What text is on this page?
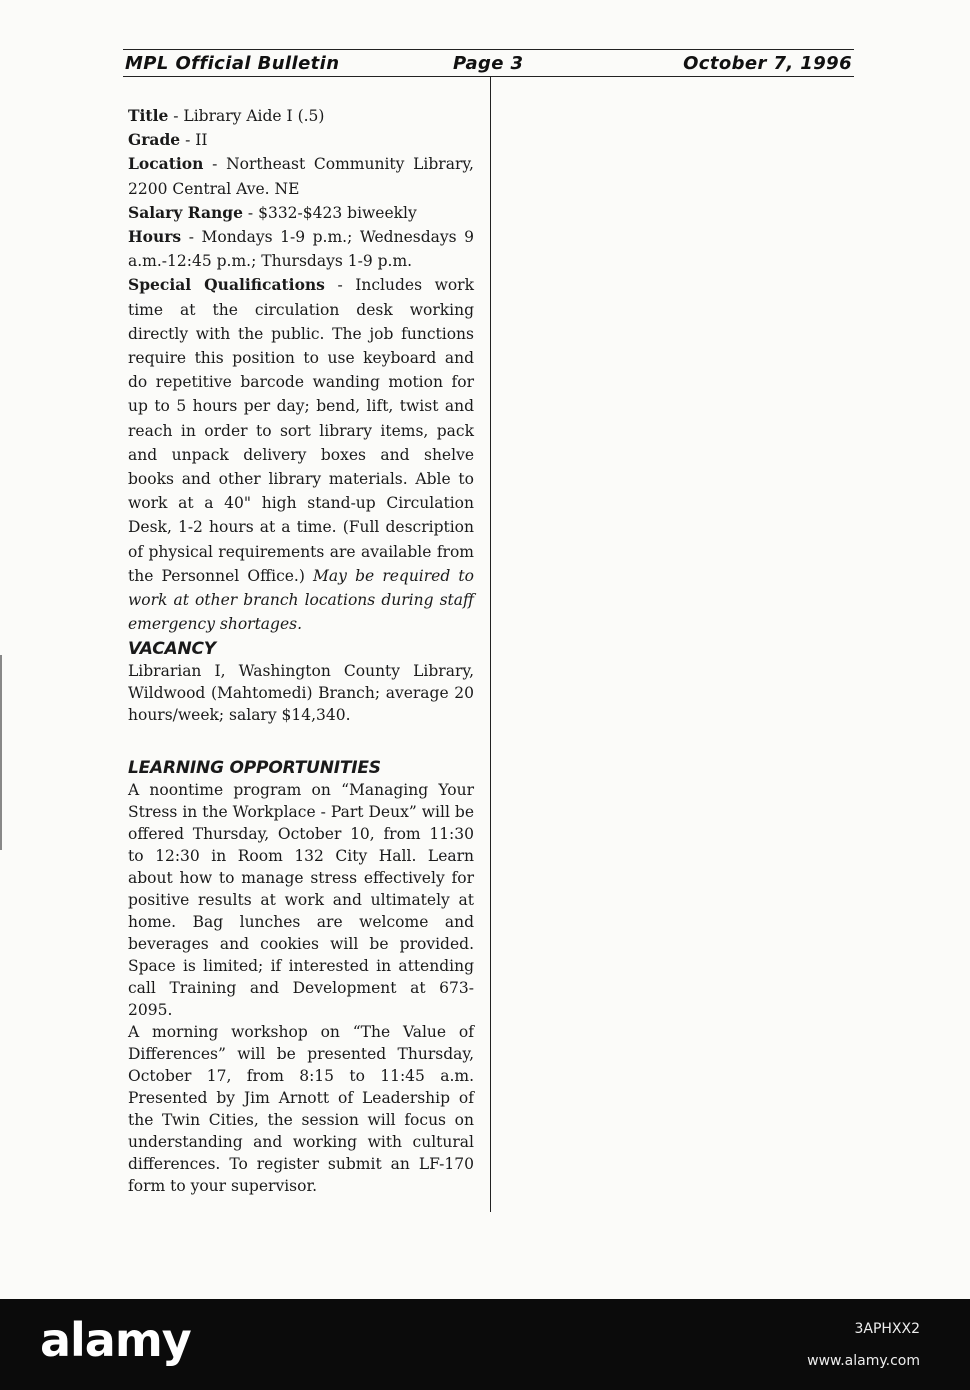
MPL Official Bulletin	Page 3	October 7, 1996

Title - Library Aide I (.5)

Grade - II

Location - Northeast Community Library, 2200 Central Ave. NE

Salary Range - $332-$423 biweekly

Hours - Mondays 1-9 p.m.; Wednesdays 9 a.m.-12:45 p.m.; Thursdays 1-9 p.m.

Special Qualifications - Includes work time at the circulation desk working directly with the public. The job functions require this position to use keyboard and do repetitive barcode wanding motion for up to 5 hours per day; bend, lift, twist and reach in order to sort library items, pack and unpack delivery boxes and shelve books and other library materials. Able to work at a 40" high stand-up Circulation Desk, 1-2 hours at a time. (Full description of physical requirements are available from the Personnel Office.) May be required to work at other branch locations during staff emergency shortages.

VACANCY

Librarian I, Washington County Library, Wildwood (Mahtomedi) Branch; average 20 hours/week; salary $14,340.

LEARNING OPPORTUNITIES

A noontime program on “Managing Your Stress in the Workplace - Part Deux” will be offered Thursday, October 10, from 11:30 to 12:30 in Room 132 City Hall. Learn about how to manage stress effectively for positive results at work and ultimately at home. Bag lunches are welcome and beverages and cookies will be provided. Space is limited; if interested in attending call Training and Development at 673-2095.

A morning workshop on “The Value of Differences” will be presented Thursday, October 17, from 8:15 to 11:45 a.m. Presented by Jim Arnott of Leadership of the Twin Cities, the session will focus on understanding and working with cultural differences. To register submit an LF-170 form to your supervisor.

alamy	3APHXX2
www.alamy.com
